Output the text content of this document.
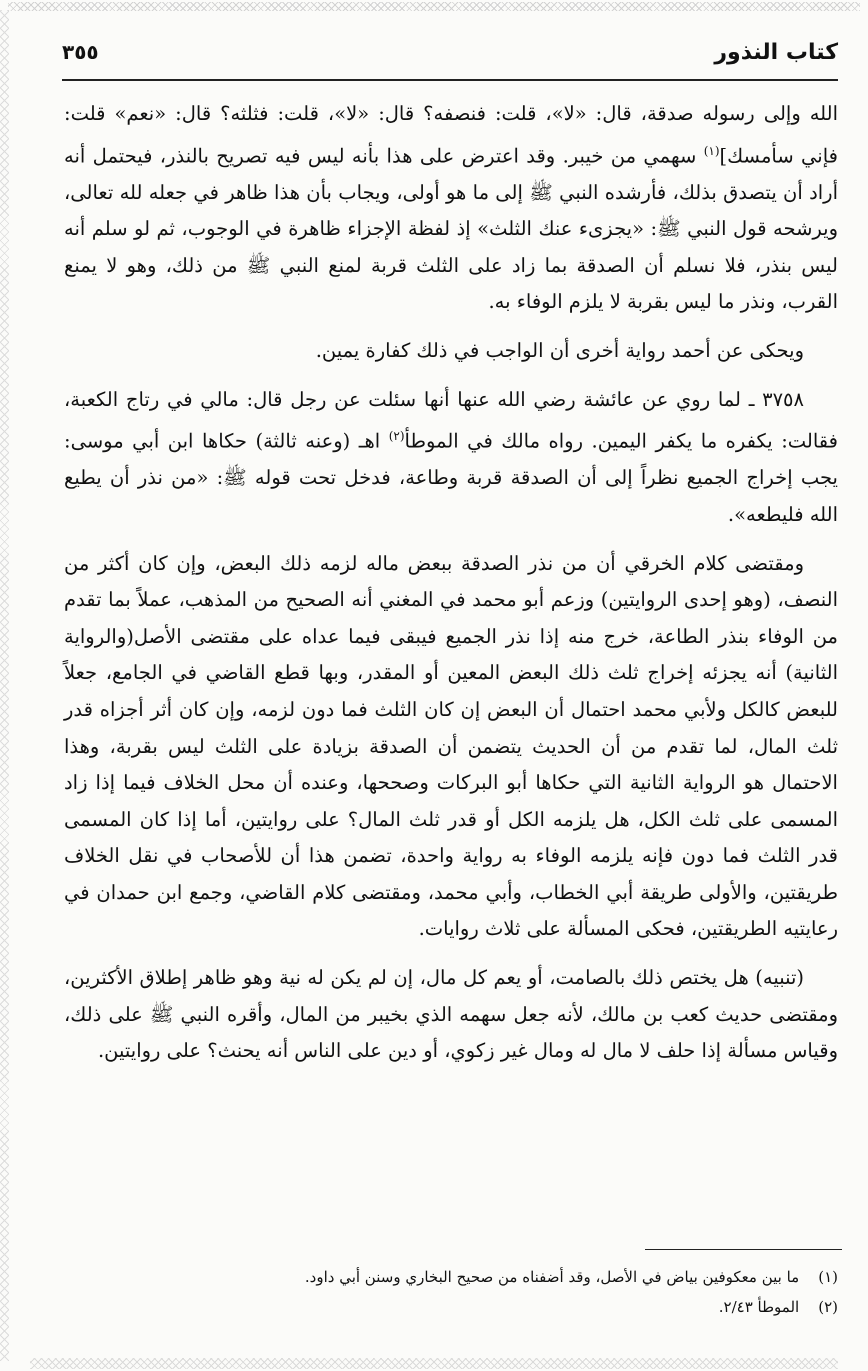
كتاب النذور
٣٥٥

الله وإلى رسوله صدقة، قال: «لا»، قلت: فنصفه؟ قال: «لا»، قلت: فثلثه؟ قال: «نعم» قلت: فإني سأمسك]$^{(١)}$ سهمي من خيبر. وقد اعترض على هذا بأنه ليس فيه تصريح بالنذر، فيحتمل أنه أراد أن يتصدق بذلك، فأرشده النبي ﷺ إلى ما هو أولى، ويجاب بأن هذا ظاهر في جعله لله تعالى، ويرشحه قول النبي ﷺ: «يجزىء عنك الثلث» إذ لفظة الإجزاء ظاهرة في الوجوب، ثم لو سلم أنه ليس بنذر، فلا نسلم أن الصدقة بما زاد على الثلث قربة لمنع النبي ﷺ من ذلك، وهو لا يمنع القرب، ونذر ما ليس بقربة لا يلزم الوفاء به.

ويحكى عن أحمد رواية أخرى أن الواجب في ذلك كفارة يمين.

٣٧٥٨ ـ لما روي عن عائشة رضي الله عنها أنها سئلت عن رجل قال: مالي في رتاج الكعبة، فقالت: يكفره ما يكفر اليمين. رواه مالك في الموطأ$^{(٢)}$ اهـ (وعنه ثالثة) حكاها ابن أبي موسى: يجب إخراج الجميع نظراً إلى أن الصدقة قربة وطاعة، فدخل تحت قوله ﷺ: «من نذر أن يطيع الله فليطعه».

ومقتضى كلام الخرقي أن من نذر الصدقة ببعض ماله لزمه ذلك البعض، وإن كان أكثر من النصف، (وهو إحدى الروايتين) وزعم أبو محمد في المغني أنه الصحيح من المذهب، عملاً بما تقدم من الوفاء بنذر الطاعة، خرج منه إذا نذر الجميع فيبقى فيما عداه على مقتضى الأصل(والرواية الثانية) أنه يجزئه إخراج ثلث ذلك البعض المعين أو المقدر، وبها قطع القاضي في الجامع، جعلاً للبعض كالكل ولأبي محمد احتمال أن البعض إن كان الثلث فما دون لزمه، وإن كان أثر أجزاه قدر ثلث المال، لما تقدم من أن الحديث يتضمن أن الصدقة بزيادة على الثلث ليس بقربة، وهذا الاحتمال هو الرواية الثانية التي حكاها أبو البركات وصححها، وعنده أن محل الخلاف فيما إذا زاد المسمى على ثلث الكل، هل يلزمه الكل أو قدر ثلث المال؟ على روايتين، أما إذا كان المسمى قدر الثلث فما دون فإنه يلزمه الوفاء به رواية واحدة، تضمن هذا أن للأصحاب في نقل الخلاف طريقتين، والأولى طريقة أبي الخطاب، وأبي محمد، ومقتضى كلام القاضي، وجمع ابن حمدان في رعايتيه الطريقتين، فحكى المسألة على ثلاث روايات.

(تنبيه) هل يختص ذلك بالصامت، أو يعم كل مال، إن لم يكن له نية وهو ظاهر إطلاق الأكثرين، ومقتضى حديث كعب بن مالك، لأنه جعل سهمه الذي بخيبر من المال، وأقره النبي ﷺ على ذلك، وقياس مسألة إذا حلف لا مال له ومال غير زكوي، أو دين على الناس أنه يحنث؟ على روايتين.

(١) ما بين معكوفين بياض في الأصل، وقد أضفناه من صحيح البخاري وسنن أبي داود.
(٢) الموطأ ٢/٤٣.
